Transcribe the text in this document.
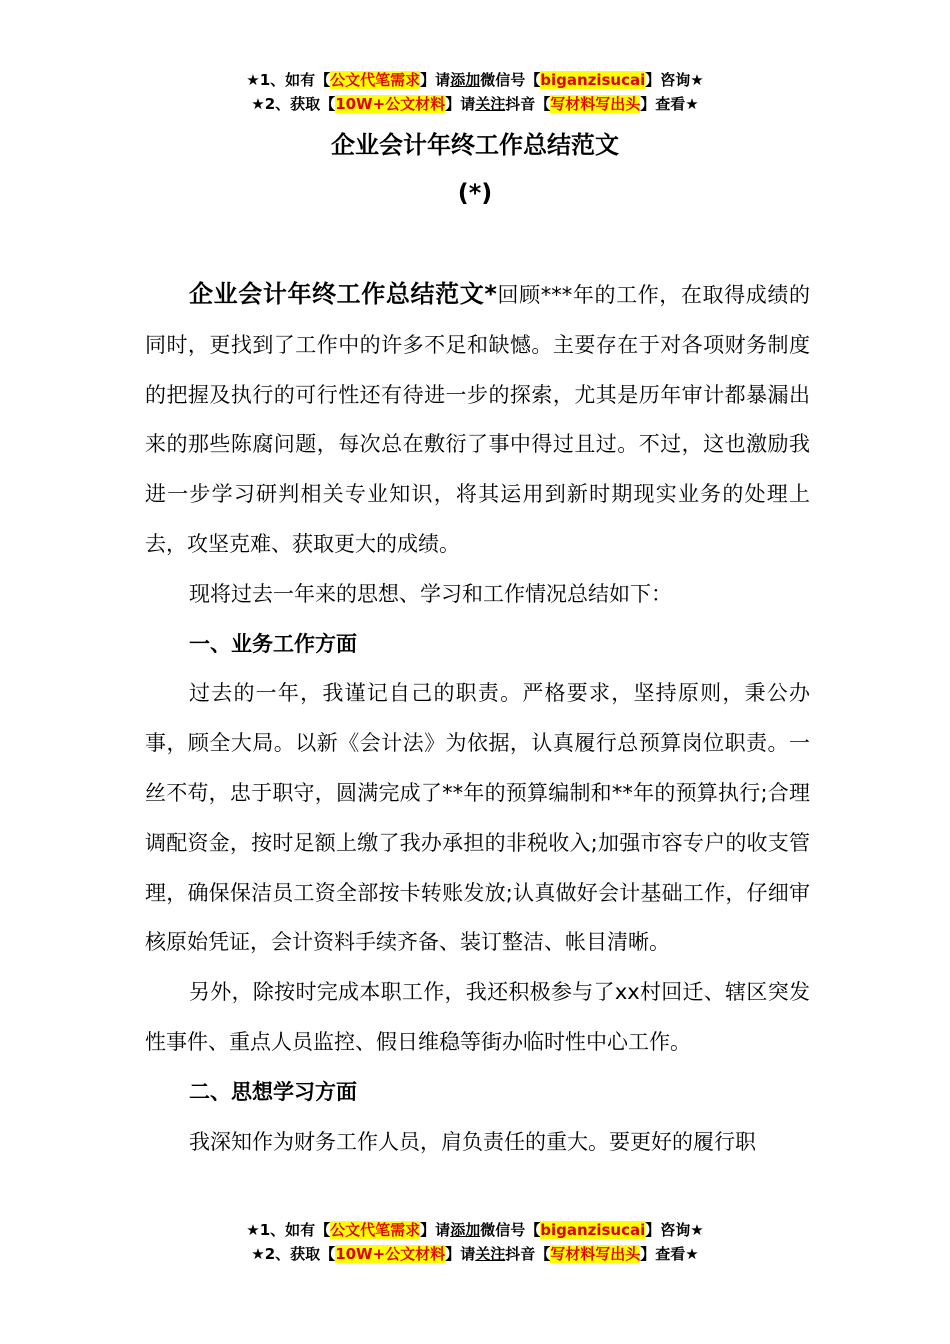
★1、如有【公文代笔需求】请添加微信号【biganzisucai】咨询★
★2、获取【10W+公文材料】请关注抖音【写材料写出头】查看★
企业会计年终工作总结范文
(*)

企业会计年终工作总结范文*回顾***年的工作，在取得成绩的同时，更找到了工作中的许多不足和缺憾。主要存在于对各项财务制度的把握及执行的可行性还有待进一步的探索，尤其是历年审计都暴漏出来的那些陈腐问题，每次总在敷衍了事中得过且过。不过，这也激励我进一步学习研判相关专业知识，将其运用到新时期现实业务的处理上去，攻坚克难、获取更大的成绩。

现将过去一年来的思想、学习和工作情况总结如下：

一、业务工作方面

过去的一年，我谨记自己的职责。严格要求，坚持原则，秉公办事，顾全大局。以新《会计法》为依据，认真履行总预算岗位职责。一丝不苟，忠于职守，圆满完成了**年的预算编制和**年的预算执行;合理调配资金，按时足额上缴了我办承担的非税收入;加强市容专户的收支管理，确保保洁员工资全部按卡转账发放;认真做好会计基础工作，仔细审核原始凭证，会计资料手续齐备、装订整洁、帐目清晰。

另外，除按时完成本职工作，我还积极参与了xx村回迁、辖区突发性事件、重点人员监控、假日维稳等街办临时性中心工作。

二、思想学习方面

我深知作为财务工作人员，肩负责任的重大。要更好的履行职

★1、如有【公文代笔需求】请添加微信号【biganzisucai】咨询★
★2、获取【10W+公文材料】请关注抖音【写材料写出头】查看★
